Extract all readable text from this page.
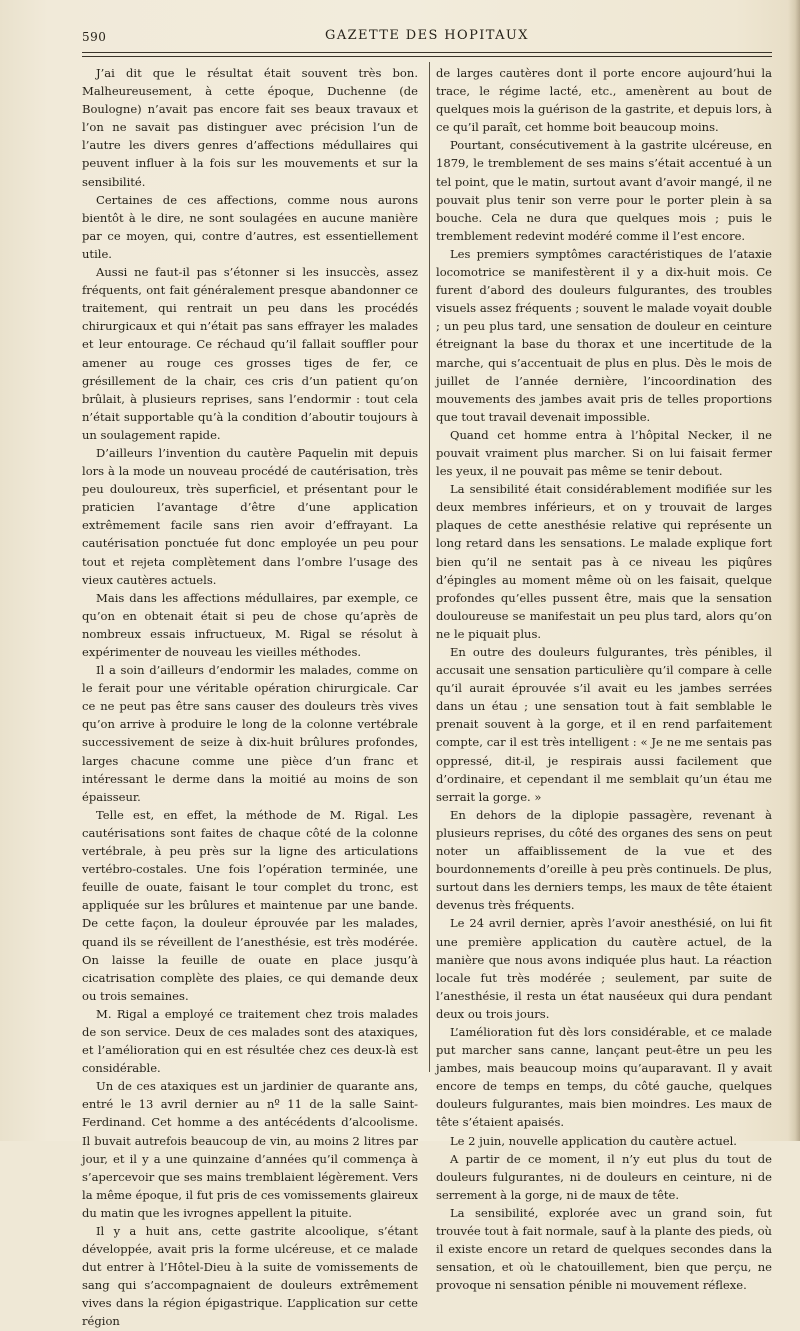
590	GAZETTE DES HOPITAUX

J’ai dit que le résultat était souvent très bon. Malheureusement, à cette époque, Duchenne (de Boulogne) n’avait pas encore fait ses beaux travaux et l’on ne savait pas distinguer avec précision l’un de l’autre les divers genres d’affections médullaires qui peuvent influer à la fois sur les mouvements et sur la sensibilité.

Certaines de ces affections, comme nous aurons bientôt à le dire, ne sont soulagées en aucune manière par ce moyen, qui, contre d’autres, est essentiellement utile.

Aussi ne faut-il pas s’étonner si les insuccès, assez fréquents, ont fait généralement presque abandonner ce traitement, qui rentrait un peu dans les procédés chirurgicaux et qui n’était pas sans effrayer les malades et leur entourage. Ce réchaud qu’il fallait souffler pour amener au rouge ces grosses tiges de fer, ce grésillement de la chair, ces cris d’un patient qu’on brûlait, à plusieurs reprises, sans l’endormir : tout cela n’était supportable qu’à la condition d’aboutir toujours à un soulagement rapide.

D’ailleurs l’invention du cautère Paquelin mit depuis lors à la mode un nouveau procédé de cautérisation, très peu douloureux, très superficiel, et présentant pour le praticien l’avantage d’être d’une application extrêmement facile sans rien avoir d’effrayant. La cautérisation ponctuée fut donc employée un peu pour tout et rejeta complètement dans l’ombre l’usage des vieux cautères actuels.

Mais dans les affections médullaires, par exemple, ce qu’on en obtenait était si peu de chose qu’après de nombreux essais infructueux, M. Rigal se résolut à expérimenter de nouveau les vieilles méthodes.

Il a soin d’ailleurs d’endormir les malades, comme on le ferait pour une véritable opération chirurgicale. Car ce ne peut pas être sans causer des douleurs très vives qu’on arrive à produire le long de la colonne vertébrale successivement de seize à dix-huit brûlures profondes, larges chacune comme une pièce d’un franc et intéressant le derme dans la moitié au moins de son épaisseur.

Telle est, en effet, la méthode de M. Rigal. Les cautérisations sont faites de chaque côté de la colonne vertébrale, à peu près sur la ligne des articulations vertébro-costales. Une fois l’opération terminée, une feuille de ouate, faisant le tour complet du tronc, est appliquée sur les brûlures et maintenue par une bande. De cette façon, la douleur éprouvée par les malades, quand ils se réveillent de l’anesthésie, est très modérée. On laisse la feuille de ouate en place jusqu’à cicatrisation complète des plaies, ce qui demande deux ou trois semaines.

M. Rigal a employé ce traitement chez trois malades de son service. Deux de ces malades sont des ataxiques, et l’amélioration qui en est résultée chez ces deux-là est considérable.

Un de ces ataxiques est un jardinier de quarante ans, entré le 13 avril dernier au nº 11 de la salle Saint-Ferdinand. Cet homme a des antécédents d’alcoolisme. Il buvait autrefois beaucoup de vin, au moins 2 litres par jour, et il y a une quinzaine d’années qu’il commença à s’apercevoir que ses mains tremblaient légèrement. Vers la même époque, il fut pris de ces vomissements glaireux du matin que les ivrognes appellent la pituite.

Il y a huit ans, cette gastrite alcoolique, s’étant développée, avait pris la forme ulcéreuse, et ce malade dut entrer à l’Hôtel-Dieu à la suite de vomissements de sang qui s’accompagnaient de douleurs extrêmement vives dans la région épigastrique. L’application sur cette région

de larges cautères dont il porte encore aujourd’hui la trace, le régime lacté, etc., amenèrent au bout de quelques mois la guérison de la gastrite, et depuis lors, à ce qu’il paraît, cet homme boit beaucoup moins.

Pourtant, consécutivement à la gastrite ulcéreuse, en 1879, le tremblement de ses mains s’était accentué à un tel point, que le matin, surtout avant d’avoir mangé, il ne pouvait plus tenir son verre pour le porter plein à sa bouche. Cela ne dura que quelques mois ; puis le tremblement redevint modéré comme il l’est encore.

Les premiers symptômes caractéristiques de l’ataxie locomotrice se manifestèrent il y a dix-huit mois. Ce furent d’abord des douleurs fulgurantes, des troubles visuels assez fréquents ; souvent le malade voyait double ; un peu plus tard, une sensation de douleur en ceinture étreignant la base du thorax et une incertitude de la marche, qui s’accentuait de plus en plus. Dès le mois de juillet de l’année dernière, l’incoordination des mouvements des jambes avait pris de telles proportions que tout travail devenait impossible.

Quand cet homme entra à l’hôpital Necker, il ne pouvait vraiment plus marcher. Si on lui faisait fermer les yeux, il ne pouvait pas même se tenir debout.

La sensibilité était considérablement modifiée sur les deux membres inférieurs, et on y trouvait de larges plaques de cette anesthésie relative qui représente un long retard dans les sensations. Le malade explique fort bien qu’il ne sentait pas à ce niveau les piqûres d’épingles au moment même où on les faisait, quelque profondes qu’elles pussent être, mais que la sensation douloureuse se manifestait un peu plus tard, alors qu’on ne le piquait plus.

En outre des douleurs fulgurantes, très pénibles, il accusait une sensation particulière qu’il compare à celle qu’il aurait éprouvée s’il avait eu les jambes serrées dans un étau ; une sensation tout à fait semblable le prenait souvent à la gorge, et il en rend parfaitement compte, car il est très intelligent : « Je ne me sentais pas oppressé, dit-il, je respirais aussi facilement que d’ordinaire, et cependant il me semblait qu’un étau me serrait la gorge. »

En dehors de la diplopie passagère, revenant à plusieurs reprises, du côté des organes des sens on peut noter un affaiblissement de la vue et des bourdonnements d’oreille à peu près continuels. De plus, surtout dans les derniers temps, les maux de tête étaient devenus très fréquents.

Le 24 avril dernier, après l’avoir anesthésié, on lui fit une première application du cautère actuel, de la manière que nous avons indiquée plus haut. La réaction locale fut très modérée ; seulement, par suite de l’anesthésie, il resta un état nauséeux qui dura pendant deux ou trois jours.

L’amélioration fut dès lors considérable, et ce malade put marcher sans canne, lançant peut-être un peu les jambes, mais beaucoup moins qu’auparavant. Il y avait encore de temps en temps, du côté gauche, quelques douleurs fulgurantes, mais bien moindres. Les maux de tête s’étaient apaisés.

Le 2 juin, nouvelle application du cautère actuel.

A partir de ce moment, il n’y eut plus du tout de douleurs fulgurantes, ni de douleurs en ceinture, ni de serrement à la gorge, ni de maux de tête.

La sensibilité, explorée avec un grand soin, fut trouvée tout à fait normale, sauf à la plante des pieds, où il existe encore un retard de quelques secondes dans la sensation, et où le chatouillement, bien que perçu, ne provoque ni sensation pénible ni mouvement réflexe.
